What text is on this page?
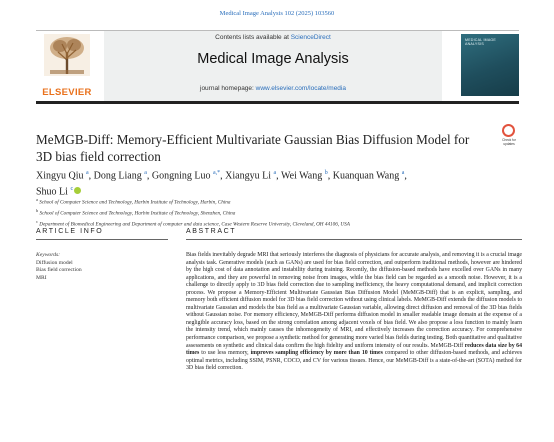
Medical Image Analysis 102 (2025) 103560
ELSEVIER
Contents lists available at ScienceDirect
Medical Image Analysis
journal homepage: www.elsevier.com/locate/media
MEDICAL IMAGE ANALYSIS
MeMGB-Diff: Memory-Efficient Multivariate Gaussian Bias Diffusion Model for 3D bias field correction
Check for updates
Xingyu Qiu $^a$, Dong Liang $^a$, Gongning Luo $^{a,*}$, Xiangyu Li $^a$, Wei Wang $^b$, Kuanquan Wang $^a$,
Shuo Li $^c$
$^a$ School of Computer Science and Technology, Harbin Institute of Technology, Harbin, China
$^b$ School of Computer Science and Technology, Harbin Institute of Technology, Shenzhen, China
$^c$ Department of Biomedical Engineering and Department of computer and data science, Case Western Reserve University, Cleveland, OH 44106, USA
ARTICLE INFO	ABSTRACT
Keywords:
Diffusion model
Bias field correction
MRI
Bias fields inevitably degrade MRI that seriously interferes the diagnosis of physicians for accurate analysis, and removing it is a crucial image analysis task. Generative models (such as GANs) are used for bias field correction, and outperform traditional methods, however are hindered by the high cost of data annotation and instability during training. Recently, the diffusion-based methods have excelled over GANs in many applications, and they are powerful in removing noise from images, while the bias field can be regarded as a smooth noise. However, it is a challenge to directly apply to 3D bias field correction due to sampling inefficiency, the heavy computational demand, and implicit correction process. We propose a Memory-Efficient Multivariate Gaussian Bias Diffusion Model (MeMGB-Diff) that is an explicit, sampling, and memory both efficient diffusion model for 3D bias field correction without using clinical labels. MeMGB-Diff extends the diffusion models to multivariate Gaussian and models the bias field as a multivariate Gaussian variable, allowing direct diffusion and removal of the 3D bias fields without Gaussian noise. For memory efficiency, MeMGB-Diff performs diffusion model in smaller readable image domain at the expense of a negligible accuracy loss, based on the strong correlation among adjacent voxels of bias field. We also propose a loss function to mainly learn the intensity trend, which mainly causes the inhomogeneity of MRI, and effectively increases the correction accuracy. For comprehensive performance comparison, we propose a synthetic method for generating more varied bias fields during testing. Both quantitative and qualitative assessments on synthetic and clinical data confirm the high fidelity and uniform intensity of our results. MeMGB-Diff reduces data size by 64 times to use less memory, improves sampling efficiency by more than 10 times compared to other diffusion-based methods, and achieves optimal metrics, including SSIM, PSNR, COCO, and CV for various tissues. Hence, our MeMGB-Diff is a state-of-the-art (SOTA) method for 3D bias field correction.
